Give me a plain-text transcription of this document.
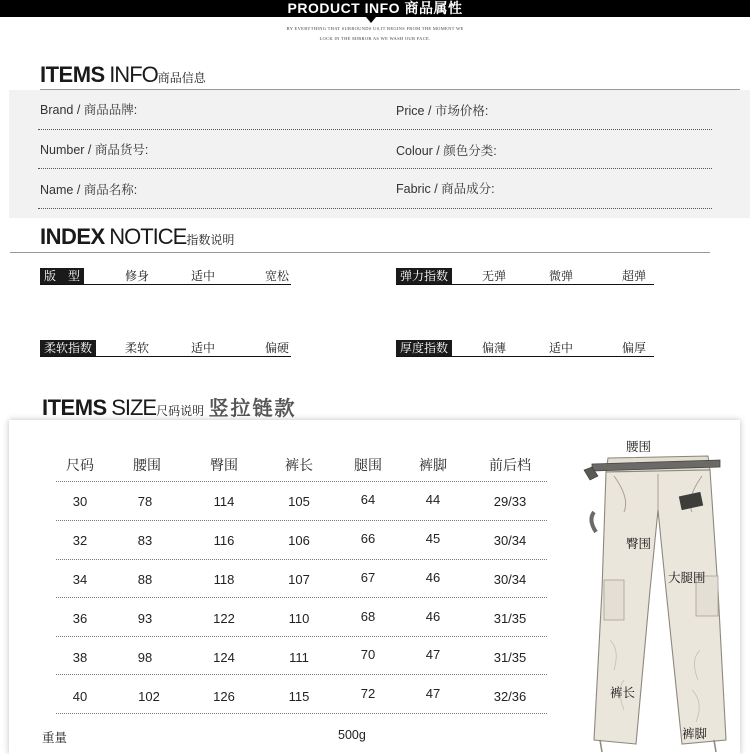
PRODUCT INFO 商品属性
BY EVERYTHING THAT SURROUNDS US,IT BEGINS FROM THE MOMENT WE
LOCK IN THE MIRROR AS WE WASH OUR FACE.
ITEMS INFO商品信息
Brand / 商品品牌:	Price / 市场价格:
Number / 商品货号:	Colour / 颜色分类:
Name / 商品名称:	Fabric / 商品成分:
INDEX NOTICE指数说明
版　型	修身	适中	宽松	弹力指数	无弹	微弹	超弹
柔软指数	柔软	适中	偏硬	厚度指数	偏薄	适中	偏厚
ITEMS SIZE尺码说明 竖拉链款
尺码	腰围	臀围	裤长	腿围	裤脚	前后档
30	78	114	105	64	44	29/33
32	83	116	106	66	45	30/34
34	88	118	107	67	46	30/34
36	93	122	110	68	46	31/35
38	98	124	111	70	47	31/35
40	102	126	115	72	47	32/36
重量	500g
腰围
臀围
大腿围
裤长
裤脚
